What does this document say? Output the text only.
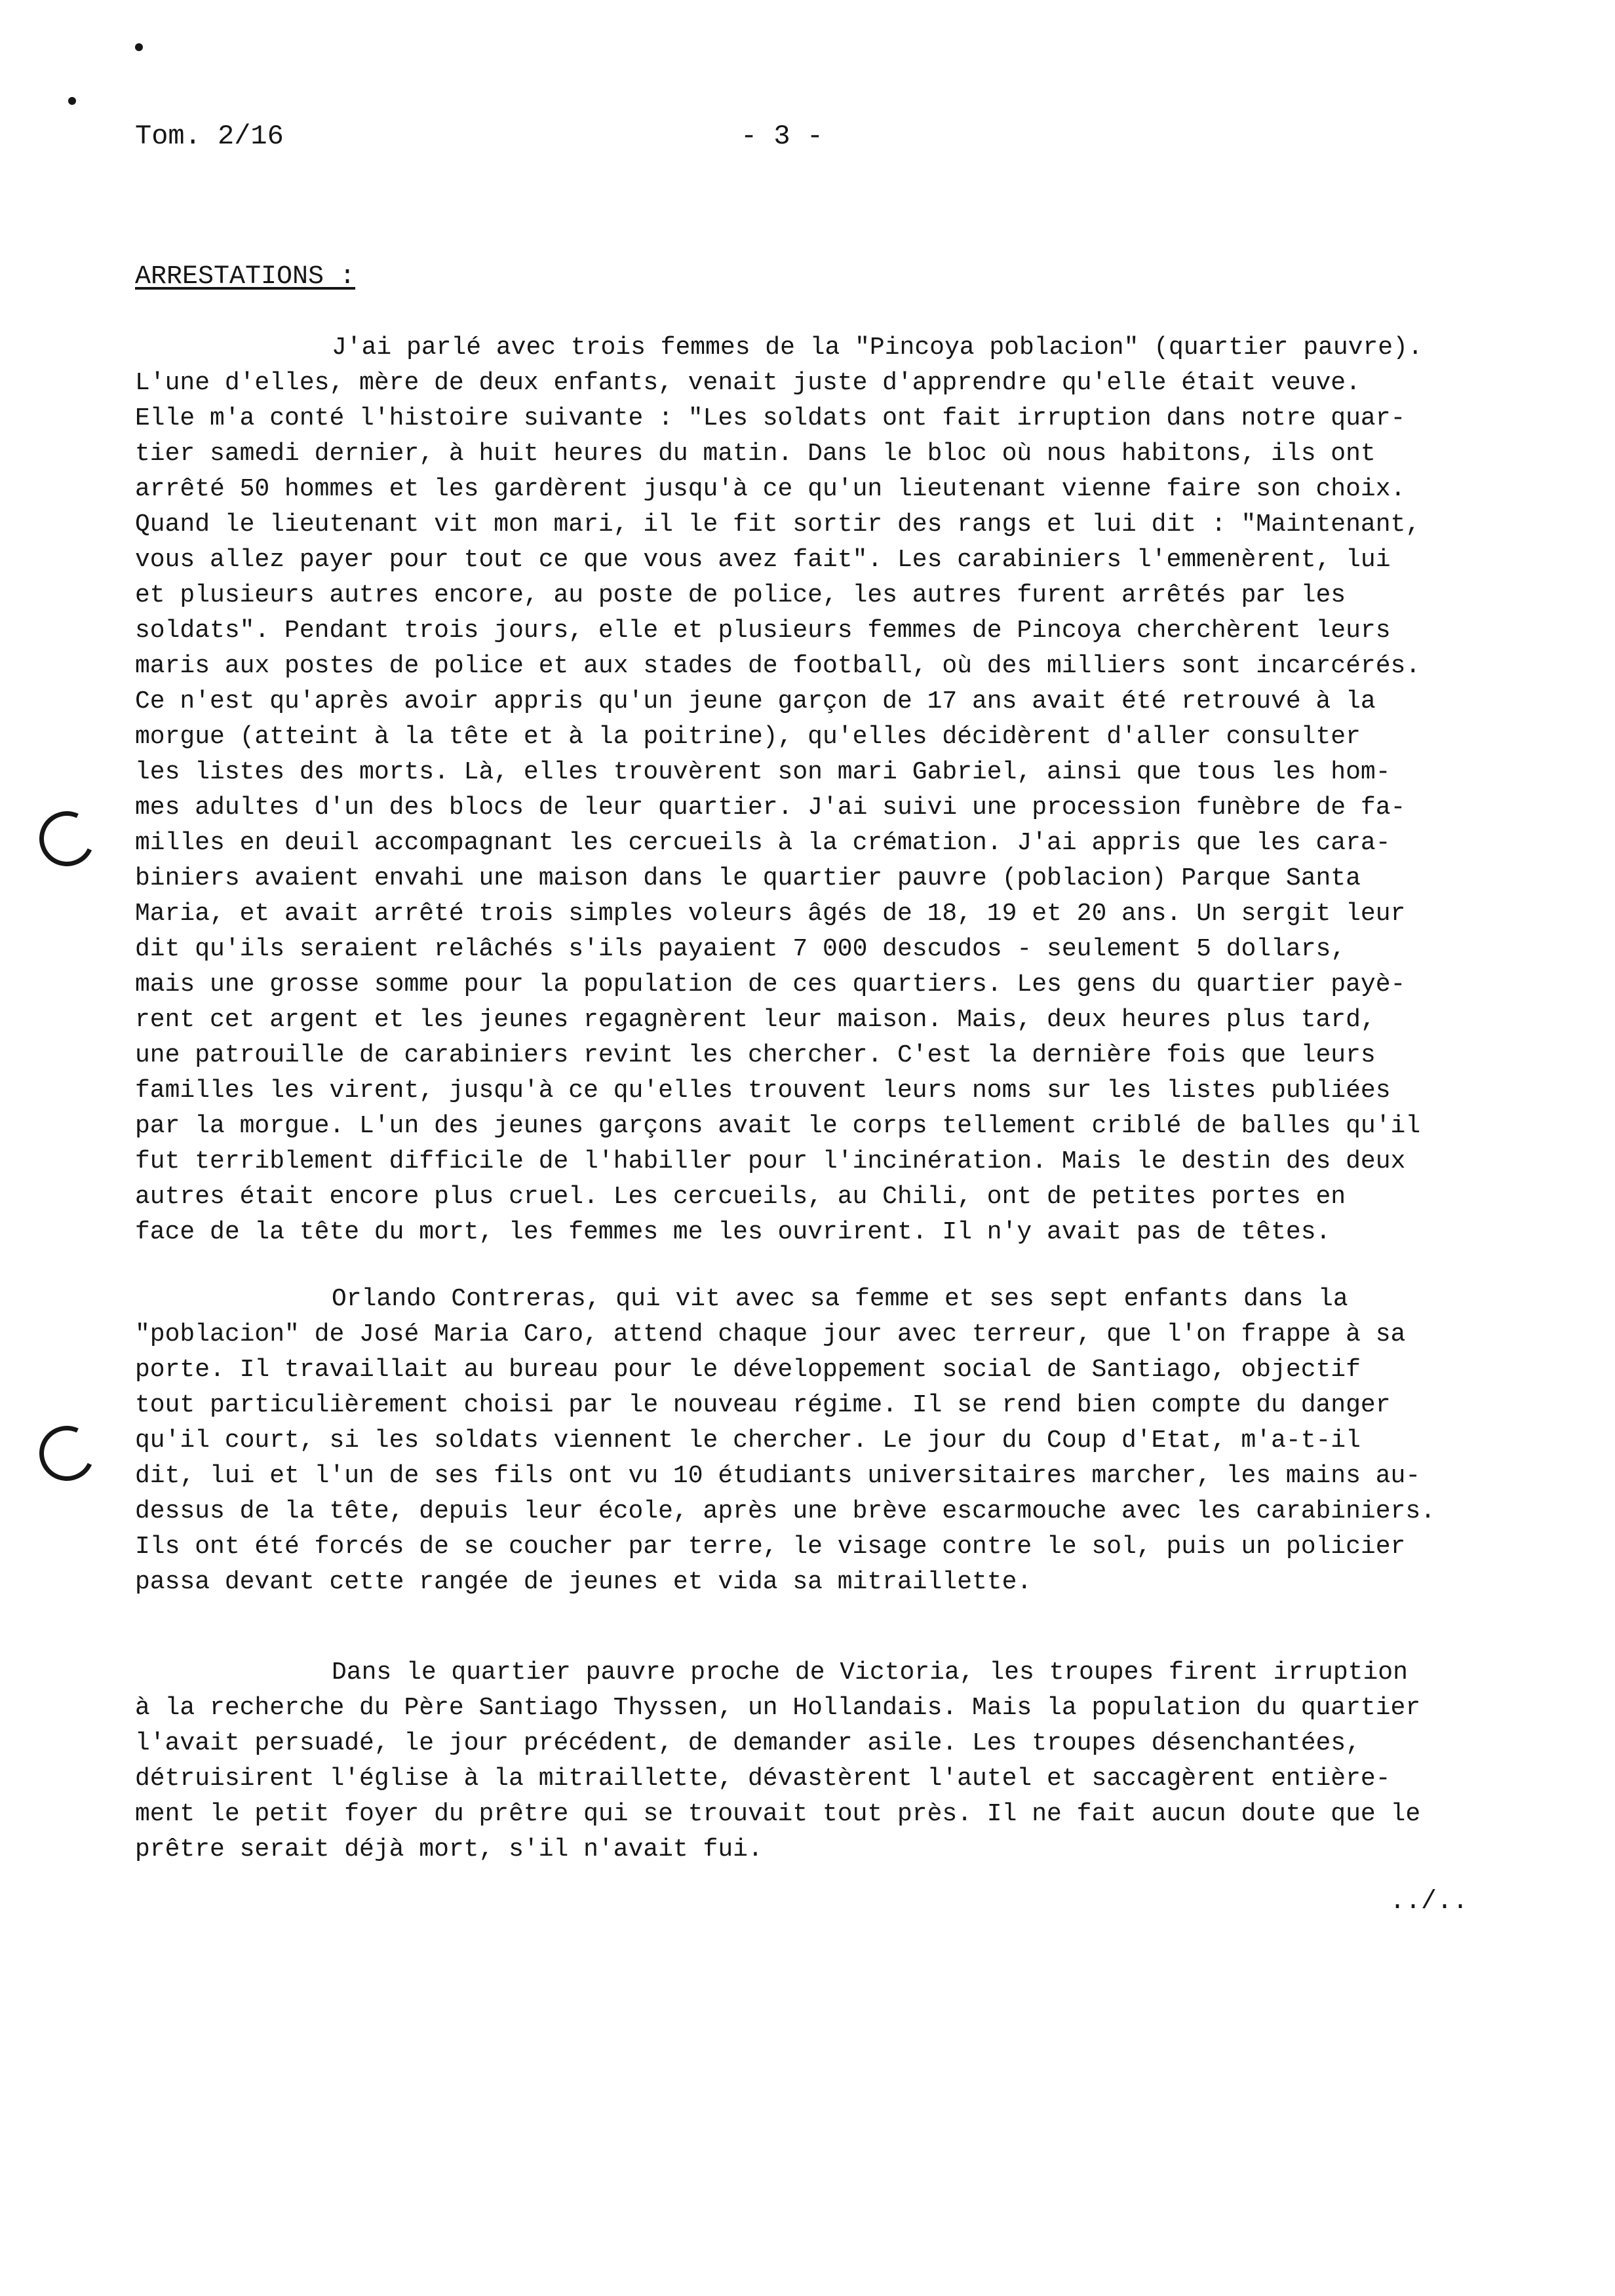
Tom. 2/16	- 3 -
ARRESTATIONS :
J'ai parlé avec trois femmes de la "Pincoya poblacion" (quartier pauvre).
L'une d'elles, mère de deux enfants, venait juste d'apprendre qu'elle était veuve.
Elle m'a conté l'histoire suivante : "Les soldats ont fait irruption dans notre quar-
tier samedi dernier, à huit heures du matin. Dans le bloc où nous habitons, ils ont
arrêté 50 hommes et les gardèrent jusqu'à ce qu'un lieutenant vienne faire son choix.
Quand le lieutenant vit mon mari, il le fit sortir des rangs et lui dit : "Maintenant,
vous allez payer pour tout ce que vous avez fait". Les carabiniers l'emmenèrent, lui
et plusieurs autres encore, au poste de police, les autres furent arrêtés par les
soldats". Pendant trois jours, elle et plusieurs femmes de Pincoya cherchèrent leurs
maris aux postes de police et aux stades de football, où des milliers sont incarcérés.
Ce n'est qu'après avoir appris qu'un jeune garçon de 17 ans avait été retrouvé à la
morgue (atteint à la tête et à la poitrine), qu'elles décidèrent d'aller consulter
les listes des morts. Là, elles trouvèrent son mari Gabriel, ainsi que tous les hom-
mes adultes d'un des blocs de leur quartier. J'ai suivi une procession funèbre de fa-
milles en deuil accompagnant les cercueils à la crémation. J'ai appris que les cara-
biniers avaient envahi une maison dans le quartier pauvre (poblacion) Parque Santa
Maria, et avait arrêté trois simples voleurs âgés de 18, 19 et 20 ans. Un sergit leur
dit qu'ils seraient relâchés s'ils payaient 7 000 descudos - seulement 5 dollars,
mais une grosse somme pour la population de ces quartiers. Les gens du quartier payè-
rent cet argent et les jeunes regagnèrent leur maison. Mais, deux heures plus tard,
une patrouille de carabiniers revint les chercher. C'est la dernière fois que leurs
familles les virent, jusqu'à ce qu'elles trouvent leurs noms sur les listes publiées
par la morgue. L'un des jeunes garçons avait le corps tellement criblé de balles qu'il
fut terriblement difficile de l'habiller pour l'incinération. Mais le destin des deux
autres était encore plus cruel. Les cercueils, au Chili, ont de petites portes en
face de la tête du mort, les femmes me les ouvrirent. Il n'y avait pas de têtes.
Orlando Contreras, qui vit avec sa femme et ses sept enfants dans la
"poblacion" de José Maria Caro, attend chaque jour avec terreur, que l'on frappe à sa
porte. Il travaillait au bureau pour le développement social de Santiago, objectif
tout particulièrement choisi par le nouveau régime. Il se rend bien compte du danger
qu'il court, si les soldats viennent le chercher. Le jour du Coup d'Etat, m'a-t-il
dit, lui et l'un de ses fils ont vu 10 étudiants universitaires marcher, les mains au-
dessus de la tête, depuis leur école, après une brève escarmouche avec les carabiniers.
Ils ont été forcés de se coucher par terre, le visage contre le sol, puis un policier
passa devant cette rangée de jeunes et vida sa mitraillette.
Dans le quartier pauvre proche de Victoria, les troupes firent irruption
à la recherche du Père Santiago Thyssen, un Hollandais. Mais la population du quartier
l'avait persuadé, le jour précédent, de demander asile. Les troupes désenchantées,
détruisirent l'église à la mitraillette, dévastèrent l'autel et saccagèrent entière-
ment le petit foyer du prêtre qui se trouvait tout près. Il ne fait aucun doute que le
prêtre serait déjà mort, s'il n'avait fui.
../..
